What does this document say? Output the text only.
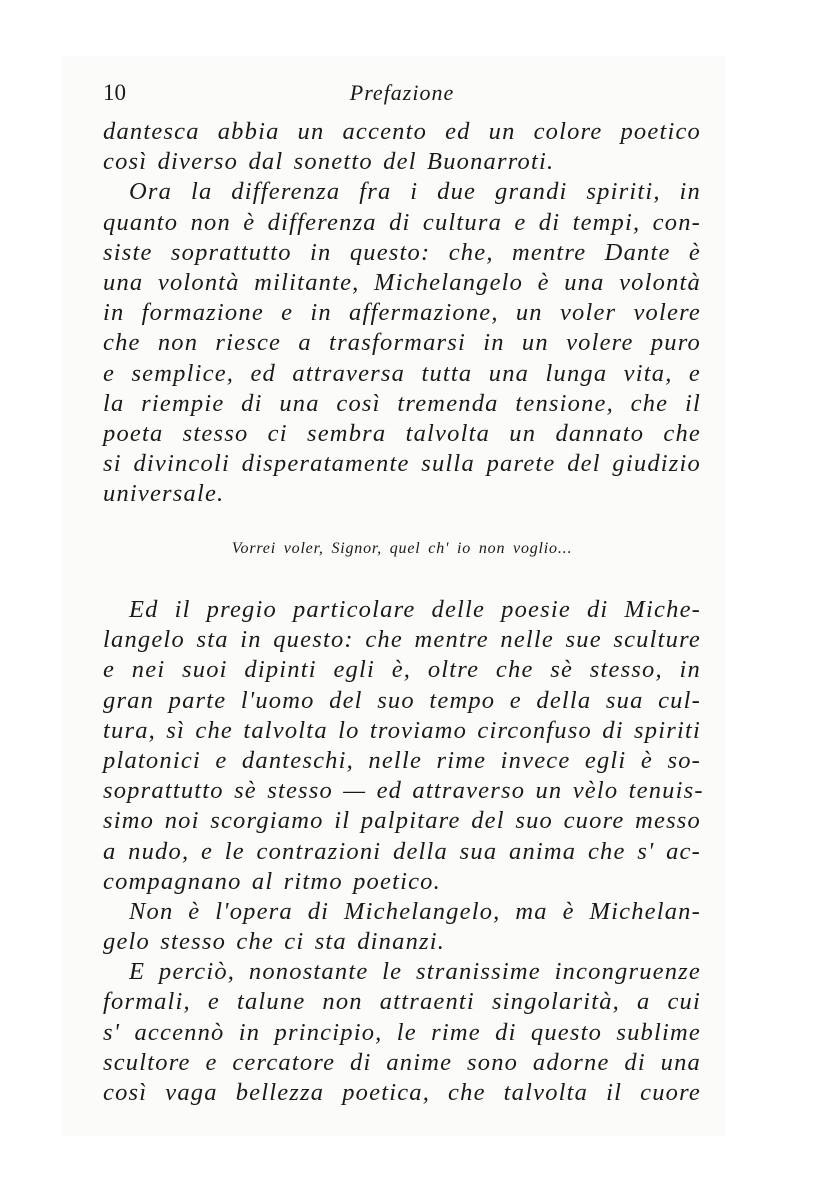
10	Prefazione
dantesca abbia un accento ed un colore poetico
così diverso dal sonetto del Buonarroti.
Ora la differenza fra i due grandi spiriti, in
quanto non è differenza di cultura e di tempi, con-
siste soprattutto in questo: che, mentre Dante è
una volontà militante, Michelangelo è una volontà
in formazione e in affermazione, un voler volere
che non riesce a trasformarsi in un volere puro
e semplice, ed attraversa tutta una lunga vita, e
la riempie di una così tremenda tensione, che il
poeta stesso ci sembra talvolta un dannato che
si divincoli disperatamente sulla parete del giudizio
universale.
Vorrei voler, Signor, quel ch' io non voglio...
Ed il pregio particolare delle poesie di Miche-
langelo sta in questo: che mentre nelle sue sculture
e nei suoi dipinti egli è, oltre che sè stesso, in
gran parte l'uomo del suo tempo e della sua cul-
tura, sì che talvolta lo troviamo circonfuso di spiriti
platonici e danteschi, nelle rime invece egli è so-
soprattutto sè stesso — ed attraverso un vèlo tenuis-
simo noi scorgiamo il palpitare del suo cuore messo
a nudo, e le contrazioni della sua anima che s' ac-
compagnano al ritmo poetico.
Non è l'opera di Michelangelo, ma è Michelan-
gelo stesso che ci sta dinanzi.
E perciò, nonostante le stranissime incongruenze
formali, e talune non attraenti singolarità, a cui
s' accennò in principio, le rime di questo sublime
scultore e cercatore di anime sono adorne di una
così vaga bellezza poetica, che talvolta il cuore
